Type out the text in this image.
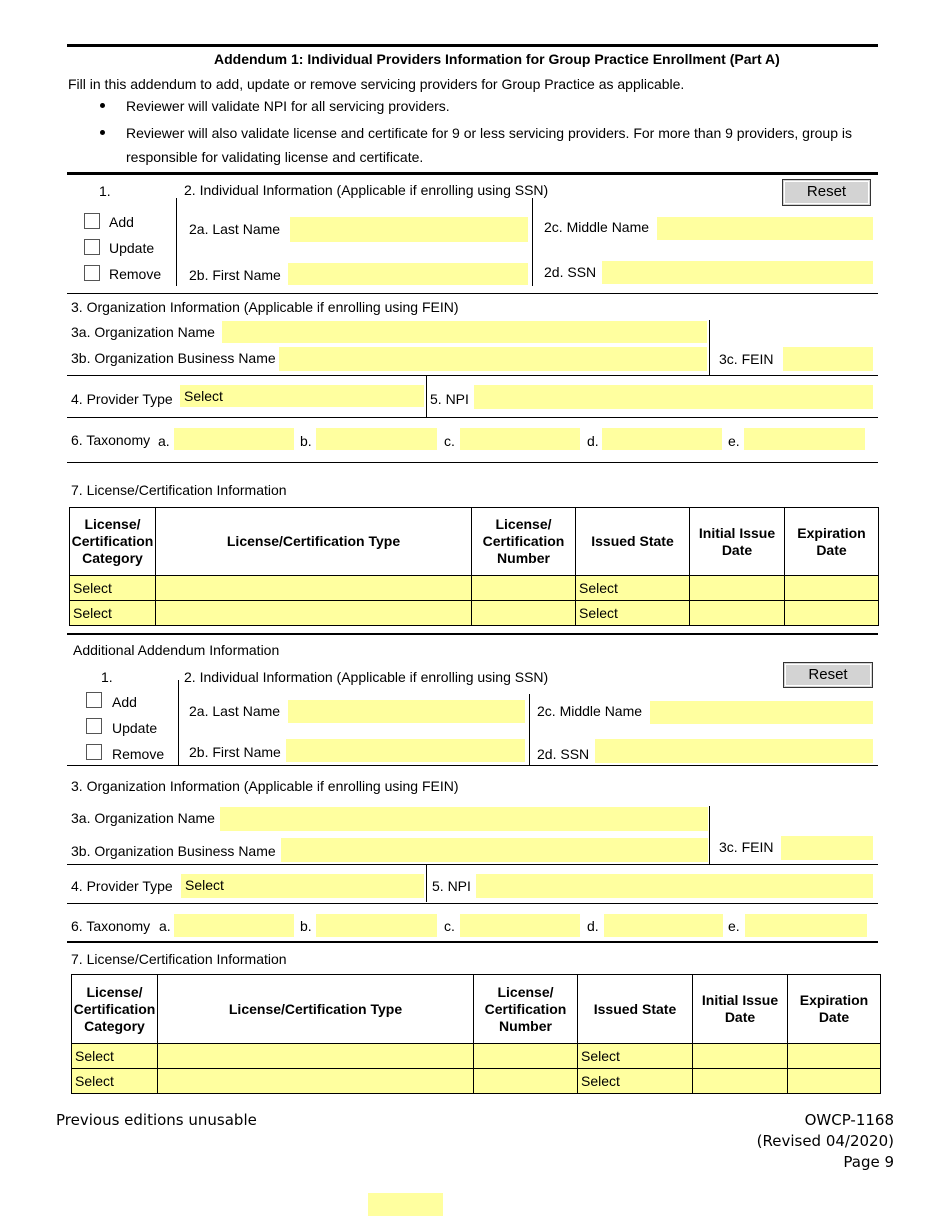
Addendum 1: Individual Providers Information for Group Practice Enrollment (Part A)
Fill in this addendum to add, update or remove servicing providers for Group Practice as applicable.
Reviewer will validate NPI for all servicing providers.
Reviewer will also validate license and certificate for 9 or less servicing providers. For more than 9 providers, group is
responsible for validating license and certificate.
1.	2. Individual Information (Applicable if enrolling using SSN)	Reset
Add
Update
Remove
2a. Last Name	2c. Middle Name
2b. First Name	2d. SSN
3. Organization Information (Applicable if enrolling using FEIN)
3a. Organization Name
3b. Organization Business Name	3c. FEIN
4. Provider Type Select	5. NPI
6. Taxonomy a.	b.	c.	d.	e.
7. License/Certification Information
License/ Certification Category	License/Certification Type	License/ Certification Number	Issued State	Initial Issue Date	Expiration Date
Select			Select		
Select			Select		
Additional Addendum Information
1.	2. Individual Information (Applicable if enrolling using SSN)	Reset
Add
Update
Remove
2a. Last Name	2c. Middle Name
2b. First Name	2d. SSN
3. Organization Information (Applicable if enrolling using FEIN)
3a. Organization Name
3b. Organization Business Name	3c. FEIN
4. Provider Type Select	5. NPI
6. Taxonomy a.	b.	c.	d.	e.
7. License/Certification Information
License/ Certification Category	License/Certification Type	License/ Certification Number	Issued State	Initial Issue Date	Expiration Date
Select			Select		
Select			Select		
Previous editions unusable	OWCP-1168
(Revised 04/2020)
Page 9
